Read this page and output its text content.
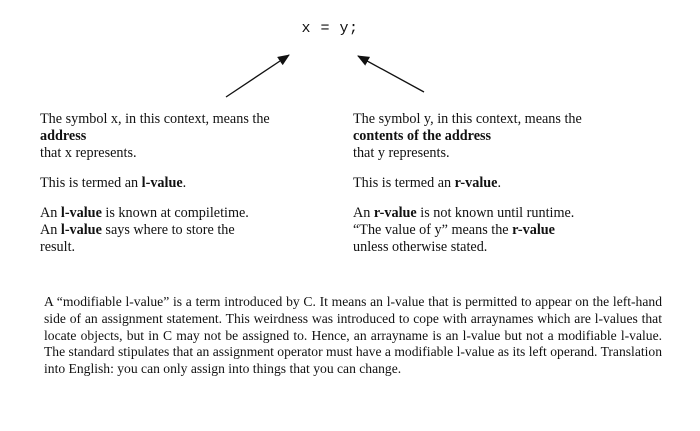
x = y;

The symbol x, in this context, means the
address
that x represents.

This is termed an l-value.

An l-value is known at compiletime.
An l-value says where to store the
result.

The symbol y, in this context, means the
contents of the address
that y represents.

This is termed an r-value.

An r-value is not known until runtime.
“The value of y” means the r-value
unless otherwise stated.

A “modifiable l-value” is a term introduced by C. It means an l-value that is permitted to appear on the left-hand side of an assignment statement. This weirdness was introduced to cope with arraynames which are l-values that locate objects, but in C may not be assigned to. Hence, an arrayname is an l-value but not a modifiable l-value. The standard stipulates that an assignment operator must have a modifiable l-value as its left operand. Translation into English: you can only assign into things that you can change.
